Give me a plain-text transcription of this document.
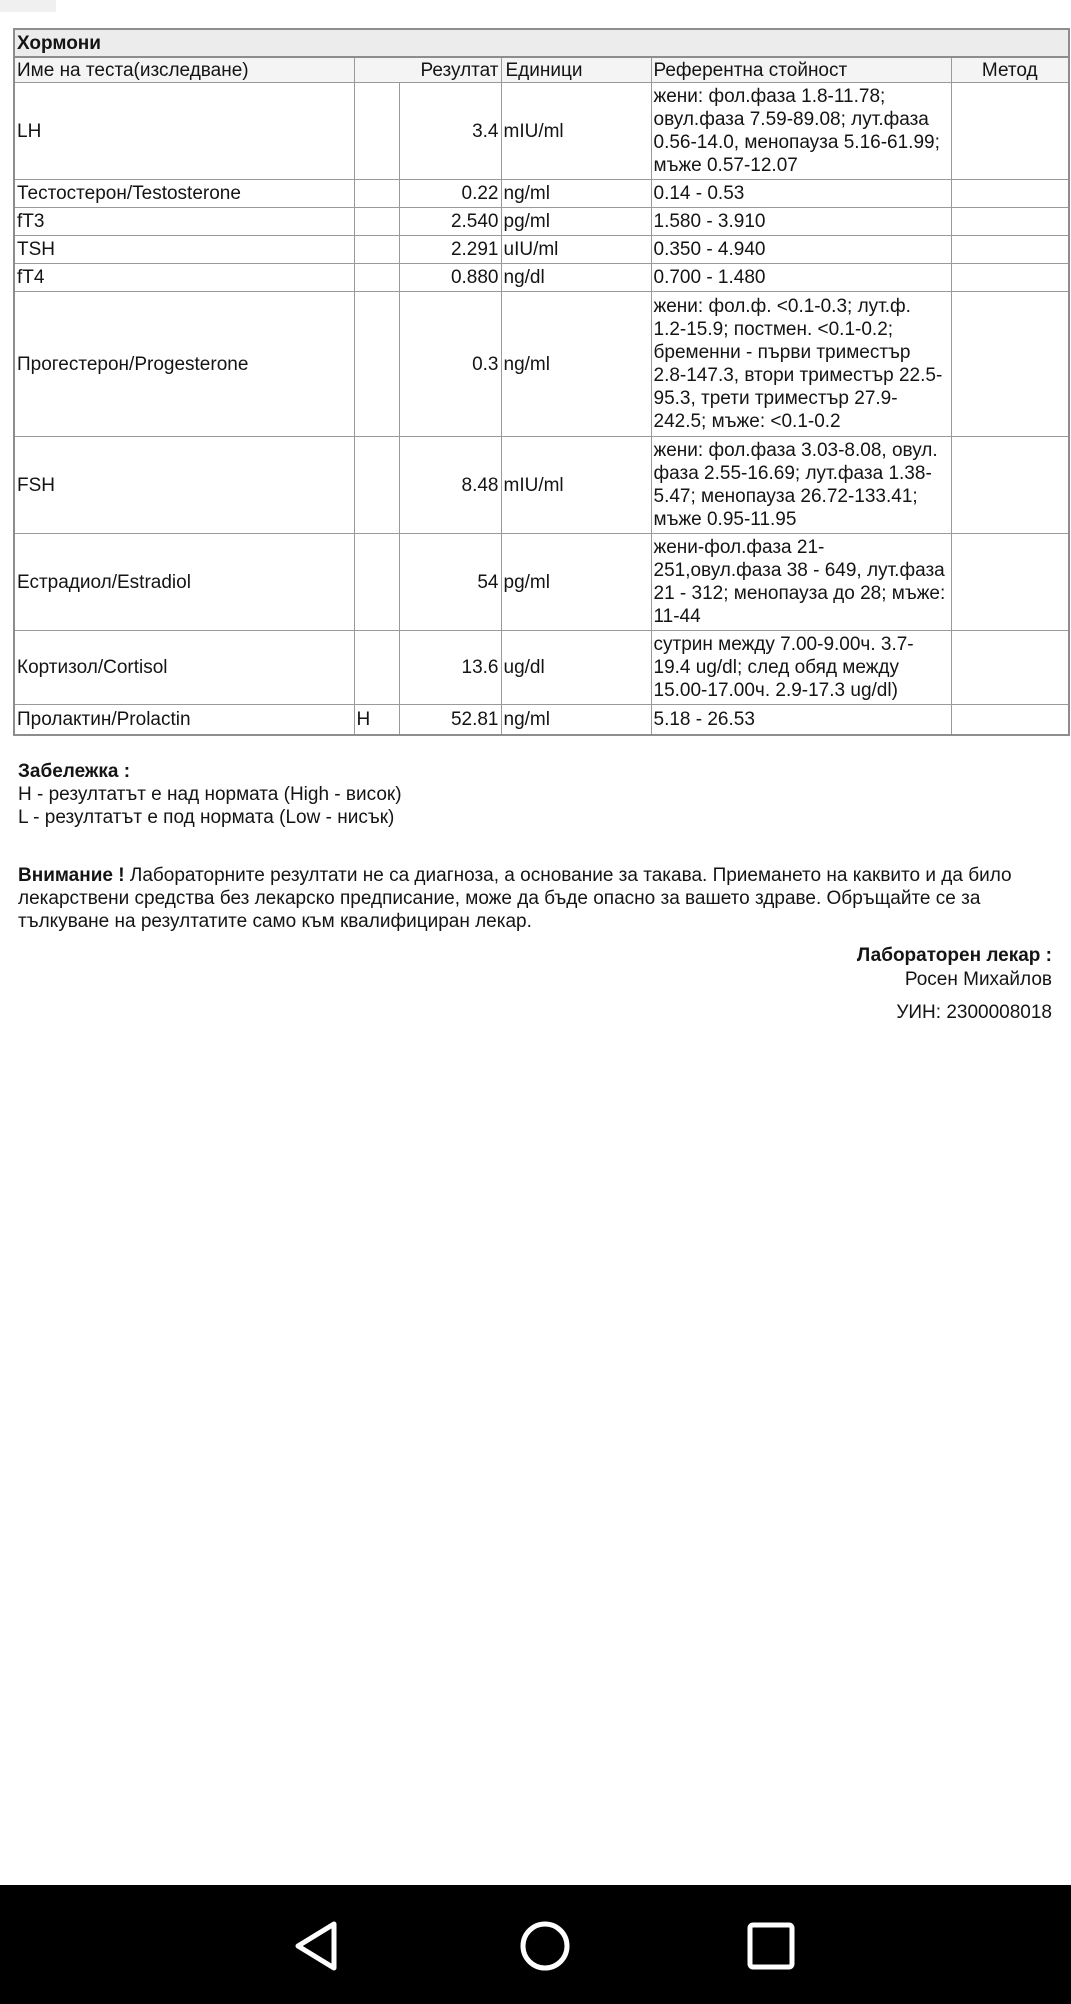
Хормони					
Име на теста(изследване)	Резултат		Единици	Референтна стойност	Метод
LH		3.4	mIU/ml	жени: фол.фаза 1.8-11.78; овул.фаза 7.59-89.08; лут.фаза 0.56-14.0, менопауза 5.16-61.99; мъже 0.57-12.07	
Тестостерон/Testosterone		0.22	ng/ml	0.14 - 0.53	
fT3		2.540	pg/ml	1.580 - 3.910	
TSH		2.291	uIU/ml	0.350 - 4.940	
fT4		0.880	ng/dl	0.700 - 1.480	
Прогестерон/Progesterone		0.3	ng/ml	жени: фол.ф. <0.1-0.3; лут.ф. 1.2-15.9; постмен. <0.1-0.2; бременни - първи триместър 2.8-147.3, втори триместър 22.5-95.3, трети триместър 27.9-242.5; мъже: <0.1-0.2	
FSH		8.48	mIU/ml	жени: фол.фаза 3.03-8.08, овул. фаза 2.55-16.69; лут.фаза 1.38-5.47; менопауза 26.72-133.41; мъже 0.95-11.95	
Естрадиол/Estradiol		54	pg/ml	жени-фол.фаза 21-251,овул.фаза 38 - 649, лут.фаза 21 - 312; менопауза до 28; мъже: 11-44	
Кортизол/Cortisol		13.6	ug/dl	сутрин между 7.00-9.00ч. 3.7-19.4 ug/dl; след обяд между 15.00-17.00ч. 2.9-17.3 ug/dl)	
Пролактин/Prolactin	H	52.81	ng/ml	5.18 - 26.53	
Забележка :
H - резултатът е над нормата (High - висок)
L - резултатът е под нормата (Low - нисък)
Внимание ! Лабораторните резултати не са диагноза, а основание за такава. Приемането на каквито и да било лекарствени средства без лекарско предписание, може да бъде опасно за вашето здраве. Обръщайте се за тълкуване на резултатите само към квалифициран лекар.
Лабораторен лекар :
Росен Михайлов
УИН: 2300008018
